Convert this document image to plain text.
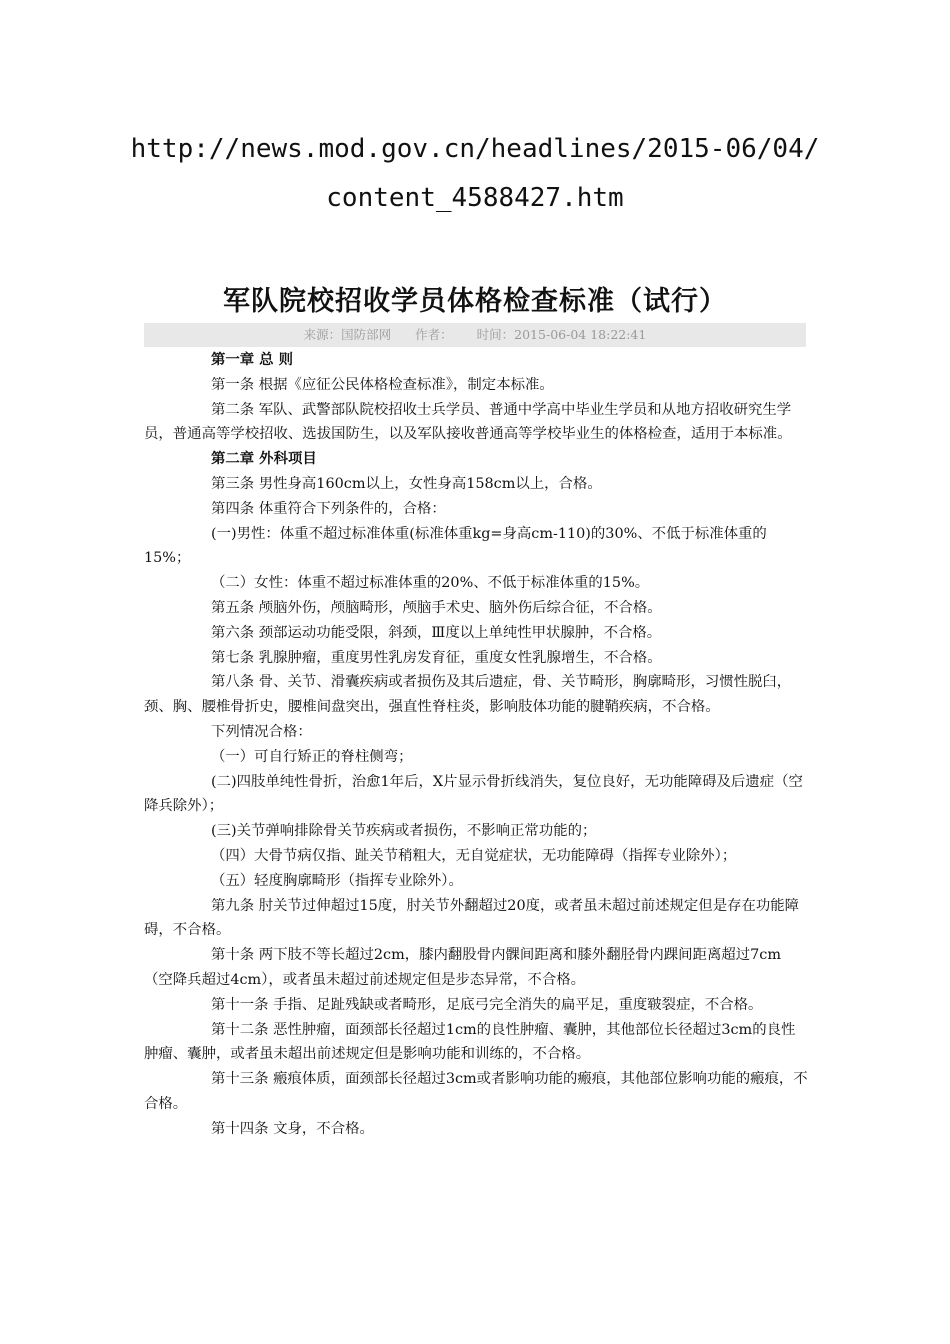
http://news.mod.gov.cn/headlines/2015-06/04/
content_4588427.htm
军队院校招收学员体格检查标准（试行）
来源：国防部网 作者： 时间：2015-06-04 18:22:41

第一章 总 则

第一条 根据《应征公民体格检查标准》，制定本标准。

第二条 军队、武警部队院校招收士兵学员、普通中学高中毕业生学员和从地方招收研究生学员，普通高等学校招收、选拔国防生，以及军队接收普通高等学校毕业生的体格检查，适用于本标准。

第二章 外科项目

第三条 男性身高160cm以上，女性身高158cm以上，合格。

第四条 体重符合下列条件的，合格：

(一)男性：体重不超过标准体重(标准体重kg=身高cm-110)的30%、不低于标准体重的15%；

（二）女性：体重不超过标准体重的20%、不低于标准体重的15%。

第五条 颅脑外伤，颅脑畸形，颅脑手术史、脑外伤后综合征，不合格。

第六条 颈部运动功能受限，斜颈，Ⅲ度以上单纯性甲状腺肿，不合格。

第七条 乳腺肿瘤，重度男性乳房发育征，重度女性乳腺增生，不合格。

第八条 骨、关节、滑囊疾病或者损伤及其后遗症，骨、关节畸形，胸廓畸形，习惯性脱臼，颈、胸、腰椎骨折史，腰椎间盘突出，强直性脊柱炎，影响肢体功能的腱鞘疾病，不合格。

下列情况合格：

（一）可自行矫正的脊柱侧弯；

(二)四肢单纯性骨折，治愈1年后，X片显示骨折线消失，复位良好，无功能障碍及后遗症（空降兵除外）；

(三)关节弹响排除骨关节疾病或者损伤，不影响正常功能的；

（四）大骨节病仅指、趾关节稍粗大，无自觉症状，无功能障碍（指挥专业除外）；

（五）轻度胸廓畸形（指挥专业除外）。

第九条 肘关节过伸超过15度，肘关节外翻超过20度，或者虽未超过前述规定但是存在功能障碍，不合格。

第十条 两下肢不等长超过2cm，膝内翻股骨内髁间距离和膝外翻胫骨内踝间距离超过7cm（空降兵超过4cm），或者虽未超过前述规定但是步态异常，不合格。

第十一条 手指、足趾残缺或者畸形，足底弓完全消失的扁平足，重度皲裂症，不合格。

第十二条 恶性肿瘤，面颈部长径超过1cm的良性肿瘤、囊肿，其他部位长径超过3cm的良性肿瘤、囊肿，或者虽未超出前述规定但是影响功能和训练的，不合格。

第十三条 瘢痕体质，面颈部长径超过3cm或者影响功能的瘢痕，其他部位影响功能的瘢痕，不合格。

第十四条 文身，不合格。
